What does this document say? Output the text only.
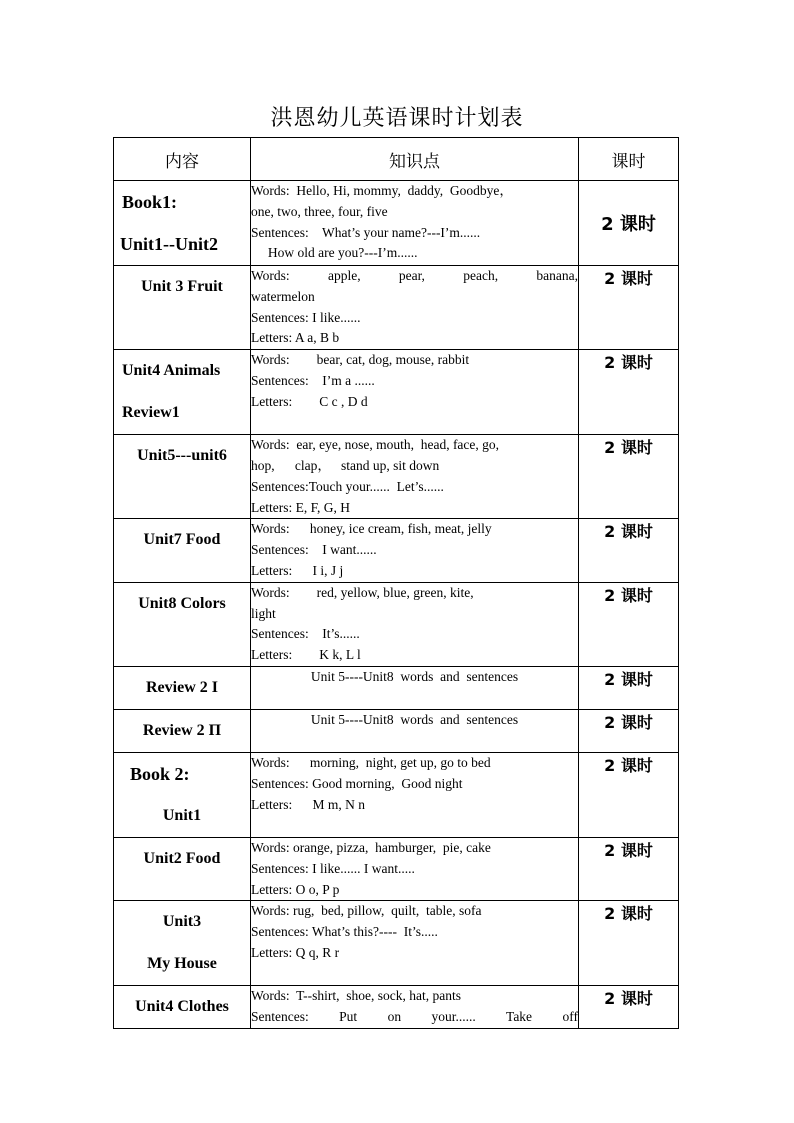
洪恩幼儿英语课时计划表
内容	知识点	课时

Book1:
Unit1--Unit2	Words:  Hello, Hi, mommy,  daddy,  Goodbye，
one, two, three, four, five
Sentences:    What’s your name?---I’m......
How old are you?---I’m......	2 课时

Unit 3 Fruit	Words: apple, pear, peach, banana,
watermelon
Sentences: I like......
Letters: A a, B b	2 课时

Unit4 Animals
Review1	Words:        bear, cat, dog, mouse, rabbit
Sentences:    I’m a ......
Letters:        C c , D d	2 课时

Unit5---unit6	Words:  ear, eye, nose, mouth,  head, face, go,
hop,      clap，   stand up, sit down
Sentences:Touch your......  Let’s......
Letters: E, F, G, H	2 课时

Unit7 Food	Words:      honey, ice cream, fish, meat, jelly
Sentences:    I want......
Letters:      I i, J j	2 课时

Unit8 Colors	Words:        red, yellow, blue, green, kite,
light
Sentences:    It’s......
Letters:        K k, L l	2 课时

Review 2 I	Unit 5----Unit8  words  and  sentences	2 课时

Review 2 Π	Unit 5----Unit8  words  and  sentences	2 课时

Book 2:
Unit1	Words:      morning,  night, get up, go to bed
Sentences: Good morning,  Good night
Letters:      M m, N n	2 课时

Unit2 Food	Words: orange, pizza,  hamburger,  pie, cake
Sentences: I like...... I want.....
Letters: O o, P p	2 课时

Unit3
My House	Words: rug,  bed, pillow,  quilt,  table, sofa
Sentences: What’s this?----  It’s.....
Letters: Q q, R r	2 课时

Unit4 Clothes	Words:  T--shirt,  shoe, sock, hat, pants
Sentences: Put on your...... Take off	2 课时
